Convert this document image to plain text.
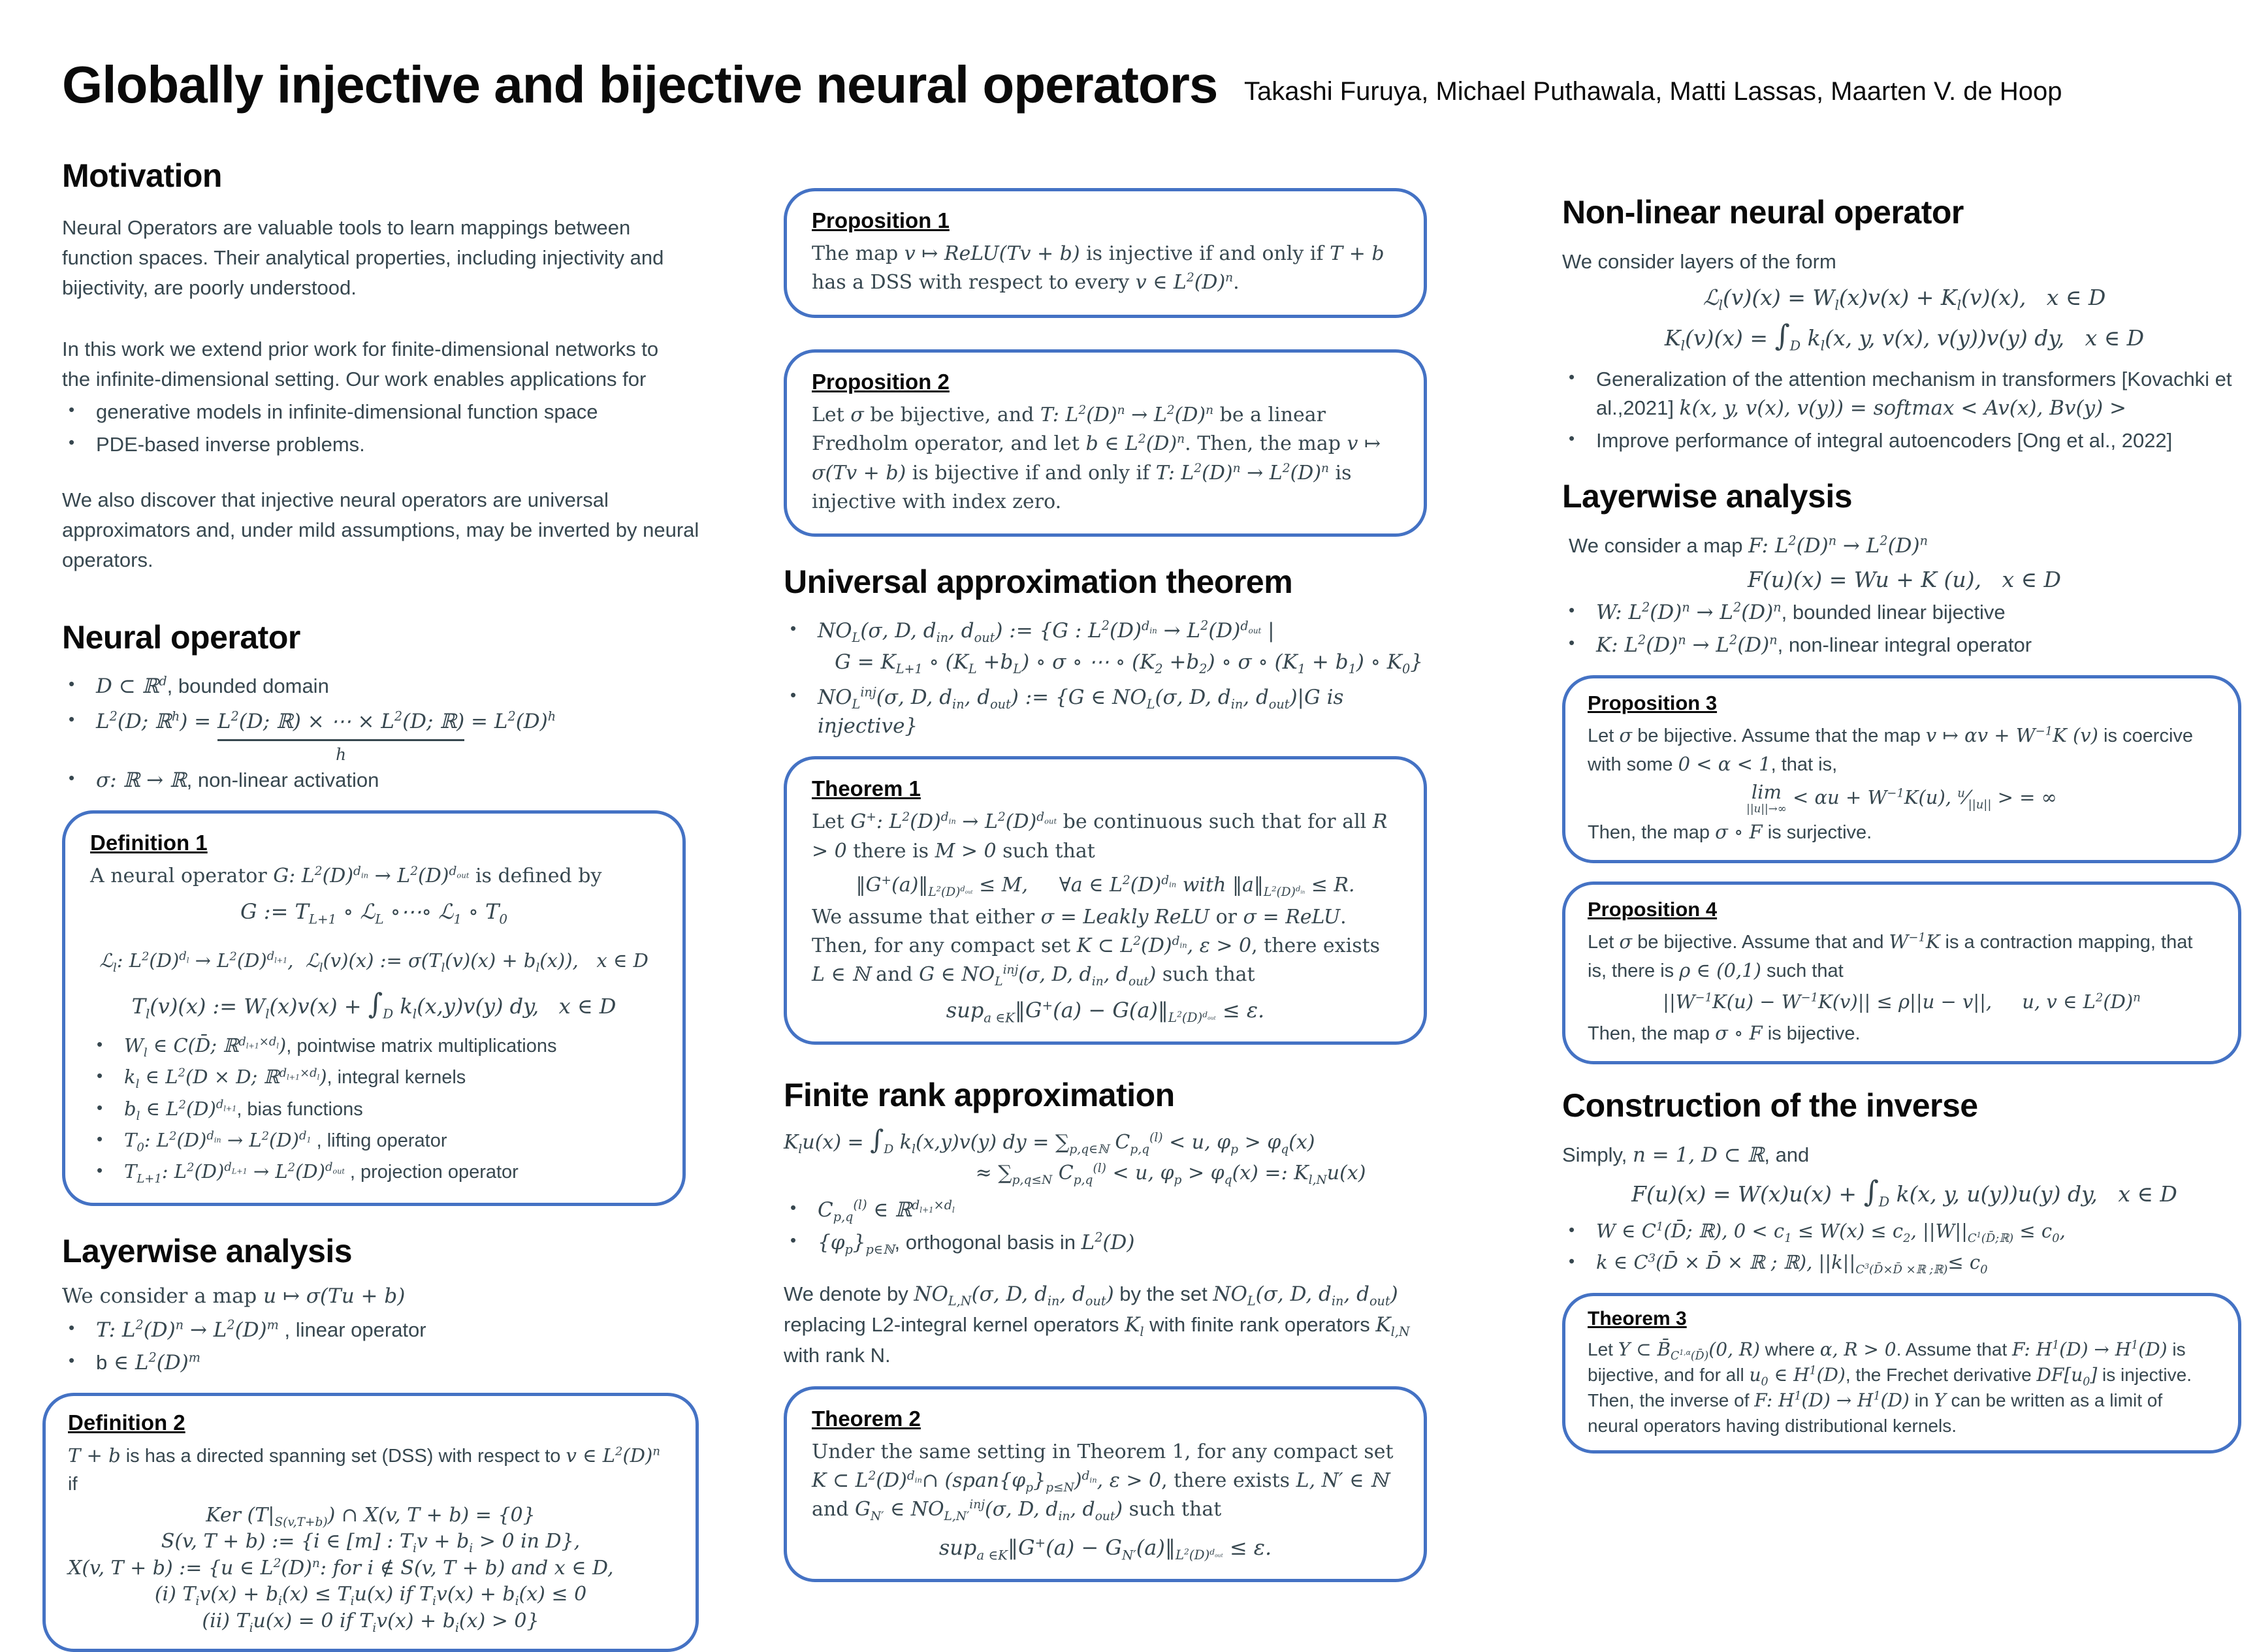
Globally injective and bijective neural operators Takashi Furuya, Michael Puthawala, Matti Lassas, Maarten V. de Hoop
Motivation
Neural Operators are valuable tools to learn mappings between function spaces. Their analytical properties, including injectivity and bijectivity, are poorly understood.
In this work we extend prior work for finite-dimensional networks to the infinite-dimensional setting. Our work enables applications for
•	generative models in infinite-dimensional function space
•	PDE-based inverse problems.
We also discover that injective neural operators are universal approximators and, under mild assumptions, may be inverted by neural operators.
Neural operator
•	D ⊂ ℝ$^d$, bounded domain
•	$L^2(D$; ℝ$^h$) = $L^2(D$; ℝ) × ⋯ × $L^2(D$; ℝ)
h
= $L^2(D)^h$
•	σ: ℝ → ℝ, non-linear activation
Definition 1
A neural operator G: $L^2(D)^{d_{in}} \to L^2(D)^{d_{out}}$ is defined by
G := $T_{L+1}$ ∘ ℒ$_L$ ∘⋯∘ ℒ$_1$ ∘ $T_0$
ℒ$_l$: $L^2(D)^{d_l} \to L^2(D)^{d_{l+1}}$,  ℒ$_l$(v)(x) := $\sigma(T_l(v)(x) + b_l(x))$,   x ∈ D
$T_l(v)(x)$ := $W_l(x)v(x) + \int_D$ $k_l(x,y)v(y)$ dy,   x ∈ D
•	$W_l$ ∈ C(D̄; ℝ$^{d_{l+1}\times d_l}$), pointwise matrix multiplications
•	$k_l$ ∈ $L^2(D \times D$; ℝ$^{d_{l+1}\times d_l}$), integral kernels
•	$b_l$ ∈ $L^2(D)^{d_{l+1}}$, bias functions
•	$T_0$: $L^2(D)^{d_{in}} \to L^2(D)^{d_1}$ , lifting operator
•	$T_{L+1}$: $L^2(D)^{d_{L+1}} \to L^2(D)^{d_{out}}$ , projection operator
Layerwise analysis
We consider a map u ↦ σ(Tu + b)
•	T: $L^2(D)^n \to L^2(D)^m$ , linear operator
•	b ∈ $L^2(D)^m$
Definition 2
T + b is has a directed spanning set (DSS) with respect to v ∈ $L^2(D)^n$ if
Ker $(T|_{S(v,T+b)})$ ∩ X(v, T + b) = {0}
S(v, T + b) := {i ∈ [m] : $T_iv + b_i > 0$ in D},
X(v, T + b) := {u ∈ $L^2(D)^n$: for i ∉ S(v, T + b) and x ∈ D,
(i) $T_iv(x) + b_i(x) \le T_iu(x)$ if $T_iv(x) + b_i(x) \le 0$
(ii) $T_iu(x) = 0$ if $T_iv(x) + b_i(x) > 0$}
Proposition 1
The map v ↦ ReLU(Tv + b) is injective if and only if T + b has a DSS with respect to every v ∈ $L^2(D)^n$.
Proposition 2
Let σ be bijective, and T: $L^2(D)^n \to L^2(D)^n$ be a linear Fredholm operator, and let b ∈ $L^2(D)^n$. Then, the map v ↦ σ(Tv + b) is bijective if and only if T: $L^2(D)^n \to L^2(D)^n$ is injective with index zero.
Universal approximation theorem
•	$NO_L(\sigma$, D, $d_{in}$, $d_{out}$) := {G : $L^2(D)^{d_{in}} \to L^2(D)^{d_{out}}$ |
$G = K_{L+1}$ ∘ $(K_L +b_L)$ ∘ σ ∘ ⋯ ∘ $(K_2 +b_2)$ ∘ σ ∘ $(K_1 + b_1)$ ∘ $K_0$}
•	$NO_L^{inj}(\sigma$, D, $d_{in}$, $d_{out}$) := {G ∈ $NO_L(\sigma$, D, $d_{in}$, $d_{out})|G$ is injective}
Theorem 1
Let G+: $L^2(D)^{d_{in}} \to L^2(D)^{d_{out}}$ be continuous such that for all R > 0 there is M > 0 such that
$‖G^+(a)‖_{L^2(D)^{d_{out}}} \le M$,     ∀a ∈ $L^2(D)^{d_{in}}$ with $‖a‖_{L^2(D)^{d_{in}}} \le R$.
We assume that either σ = Leakly ReLU or σ = ReLU. Then, for any compact set K ⊂ $L^2(D)^{d_{in}}$, ε > 0, there exists L ∈ ℕ and G ∈ $NO_L^{inj}(\sigma$, D, $d_{in}$, $d_{out}$) such that
sup$_{a \in K}$‖G+(a) − $G(a)‖_{L^2(D)^{d_{out}}} \le \varepsilon$.
Finite rank approximation
$K_lu(x) = \int_D$ $k_l(x,y)v(y)$ dy = $\sum_{p,q\in ℕ}$ $C_{p,q}^{(l)} < u$, $\varphi_p > \varphi_q(x)$
≈ $\sum_{p,q\le N}$ $C_{p,q}^{(l)} < u$, $\varphi_p > \varphi_q(x)$ =: $K_{l,N}u(x)$
•	$C_{p,q}^{(l)}$ ∈ ℝ$^{d_{l+1}\times d_l}$
•	$\{\varphi_p\}_{p\in ℕ}$, orthogonal basis in $L^2(D)$
We denote by $NO_{L,N}(\sigma$, D, $d_{in}$, $d_{out}$) by the set $NO_L(\sigma$, D, $d_{in}$, $d_{out}$) replacing L2-integral kernel operators $K_l$ with finite rank operators $K_{l,N}$ with rank N.
Theorem 2
Under the same setting in Theorem 1, for any compact set K ⊂ $L^2(D)^{d_{in}}\cap$ $(span\{\varphi_p\}_{p\le N})^{d_{in}}$, ε > 0, there exists L, N′ ∈ ℕ and $G_{N'}$ ∈ $NO_{L,N'}^{inj}(\sigma$, D, $d_{in}$, $d_{out}$) such that
sup$_{a \in K}$‖G+(a) − $G_{N'}(a)‖_{L^2(D)^{d_{out}}} \le \varepsilon$.
Non-linear neural operator
We consider layers of the form
ℒ$_l$(v)(x) = $W_l(x)v(x) + K_l(v)(x)$,   x ∈ D
$K_l(v)(x) = \int_D$ $k_l(x$, y, v(x), v(y))v(y) dy,   x ∈ D
•	Generalization of the attention mechanism in transformers [Kovachki et al.,2021] k(x, y, v(x), v(y)) = softmax < Av(x), Bv(y) >
•	Improve performance of integral autoencoders [Ong et al., 2022]
Layerwise analysis
We consider a map F: $L^2(D)^n \to L^2(D)^n$
F(u)(x) = Wu + K (u),   x ∈ D
•	W: $L^2(D)^n \to L^2(D)^n$, bounded linear bijective
•	K: $L^2(D)^n \to L^2(D)^n$, non-linear integral operator
Proposition 3
Let σ be bijective. Assume that the map v ↦ $\alpha v + W^{-1}K$ (v) is coercive with some 0 < α < 1, that is,
lim
||u||→∞
< $\alpha u + W^{-1}K(u)$, $^u⁄_{||u||}$ > = ∞
Then, the map σ ∘ F is surjective.
Proposition 4
Let σ be bijective. Assume that and $W^{-1}K$ is a contraction mapping, that is, there is ρ ∈ (0,1) such that
$||W^{-1}K(u) - W^{-1}K(v)|| \le \rho||u - v||$,     u, v ∈ $L^2(D)^n$
Then, the map σ ∘ F is bijective.
Construction of the inverse
Simply, n = 1, D ⊂ ℝ, and
$F(u)(x) = W(x)u(x) + \int_D$ k(x, y, u(y))u(y) dy,   x ∈ D
•	W ∈ $C^1(D̄$; ℝ), $0 < c_1 \le W(x) \le c_2$, $||W||_{C^1(D̄;ℝ)} \le c_0$,
•	k ∈ $C^3(D̄$ × D̄ × ℝ ; ℝ), $||k||_{C^3(D̄\times D̄ \times ℝ ;ℝ)}\le c_0$
Theorem 3
Let Y ⊂ $B̄_{C^{1,\alpha}(D̄)}(0$, R) where α, R > 0. Assume that F: $H^1(D) \to H^1(D)$ is bijective, and for all $u_0$ ∈ $H^1(D)$, the Frechet derivative $DF[u_0]$ is injective. Then, the inverse of F: $H^1(D) \to H^1(D)$ in Y can be written as a limit of neural operators having distributional kernels.
